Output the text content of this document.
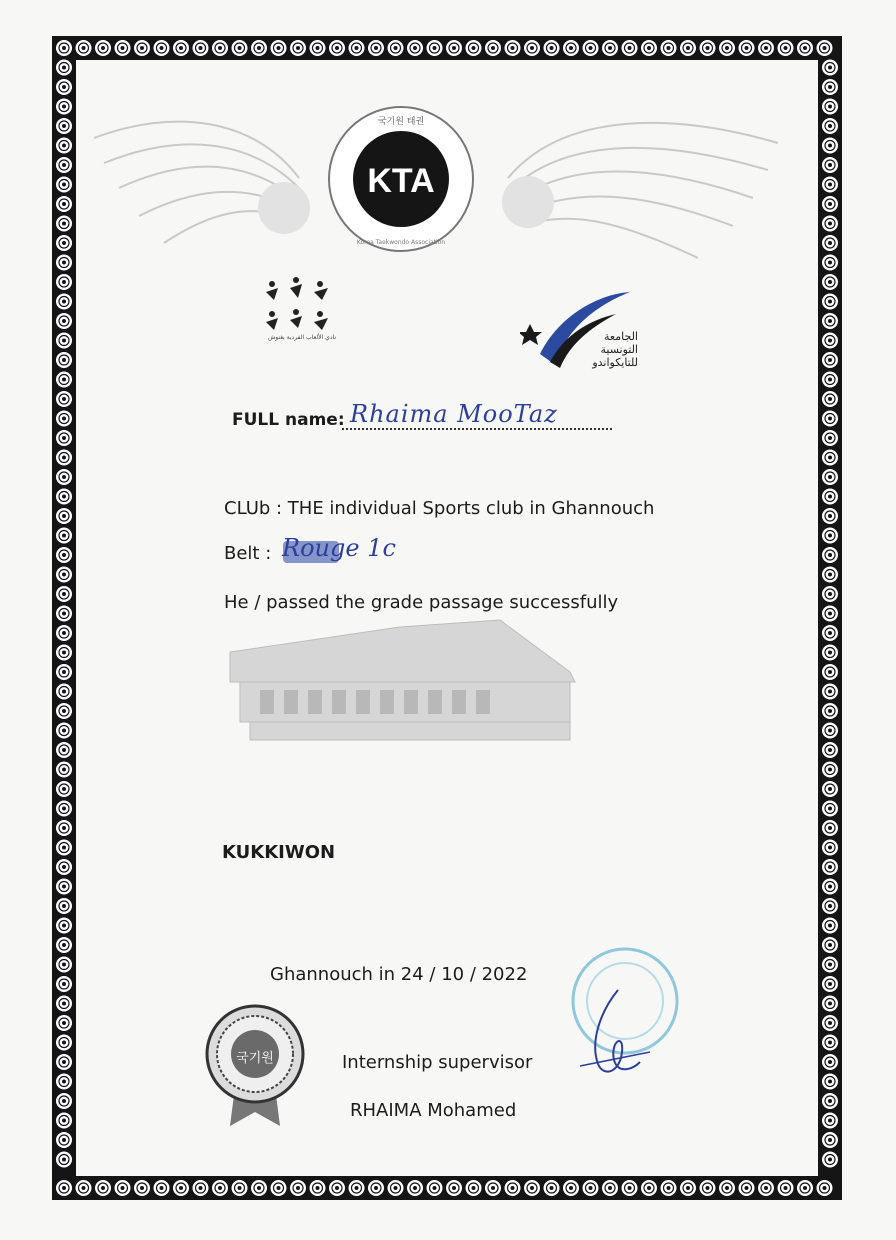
KTA
국기원 태권
Korea Taekwondo Association
نادي الألعاب الفردية بغنوش	الجامعة
التونسية
للتايكواندو
FULL name: Rhaima MooTaz
CLUb : THE individual Sports club in Ghannouch
Belt : Rouge 1c
He / passed the grade passage successfully
KUKKIWON
Ghannouch in 24 / 10 / 2022
Internship supervisor
RHAIMA Mohamed
국기원
